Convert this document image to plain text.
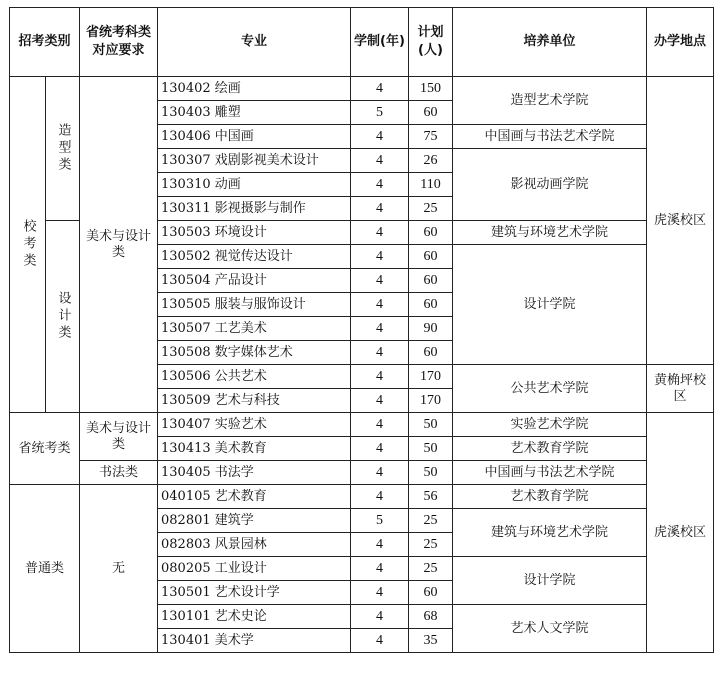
招考类别		省统考科类对应要求	专业	学制(年)	计划(人)	培养单位	办学地点

校考类	造型类	美术与设计类	130402 绘画	4	150	造型艺术学院	虎溪校区
			130403 雕塑	5	60		
			130406 中国画	4	75	中国画与书法艺术学院	
			130307 戏剧影视美术设计	4	26	影视动画学院	
			130310 动画	4	110		
			130311 影视摄影与制作	4	25		

	设计类		130503 环境设计	4	60	建筑与环境艺术学院	
			130502 视觉传达设计	4	60	设计学院	
			130504 产品设计	4	60		
			130505 服装与服饰设计	4	60		
			130507 工艺美术	4	90		
			130508 数字媒体艺术	4	60		
			130506 公共艺术	4	170	公共艺术学院	黄桷坪校区
			130509 艺术与科技	4	170		
省统考类		美术与设计类	130407 实验艺术	4	50	实验艺术学院	虎溪校区
			130413 美术教育	4	50	艺术教育学院	
		书法类	130405 书法学	4	50	中国画与书法艺术学院	
普通类		无	040105 艺术教育	4	56	艺术教育学院	
			082801 建筑学	5	25	建筑与环境艺术学院	
			082803 风景园林	4	25		
			080205 工业设计	4	25	设计学院	
			130501 艺术设计学	4	60		
			130101 艺术史论	4	68	艺术人文学院	
			130401 美术学	4	35		
